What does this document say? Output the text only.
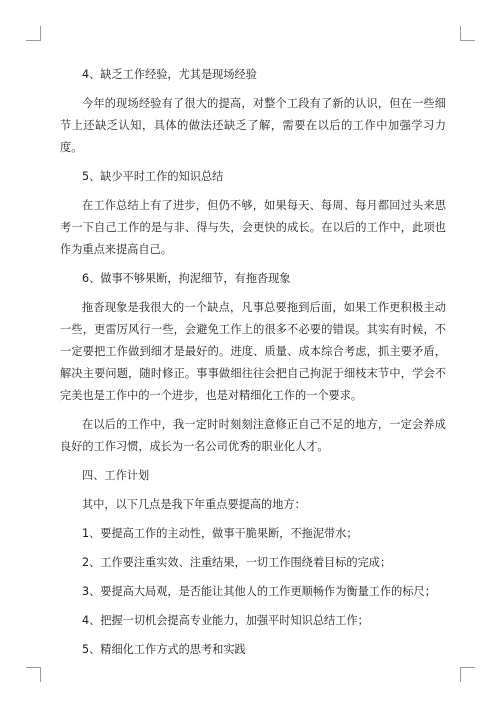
4、缺乏工作经验，尤其是现场经验

今年的现场经验有了很大的提高，对整个工段有了新的认识，但在一些细节上还缺乏认知，具体的做法还缺乏了解，需要在以后的工作中加强学习力度。

5、缺少平时工作的知识总结

在工作总结上有了进步，但仍不够，如果每天、每周、每月都回过头来思考一下自己工作的是与非、得与失，会更快的成长。在以后的工作中，此项也作为重点来提高自己。

6、做事不够果断，拘泥细节，有拖沓现象

拖沓现象是我很大的一个缺点，凡事总要拖到后面，如果工作更积极主动一些，更雷厉风行一些，会避免工作上的很多不必要的错误。其实有时候，不一定要把工作做到细才是最好的。进度、质量、成本综合考虑，抓主要矛盾，解决主要问题，随时修正。事事做细往往会把自己拘泥于细枝末节中，学会不完美也是工作中的一个进步，也是对精细化工作的一个要求。

在以后的工作中，我一定时时刻刻注意修正自己不足的地方，一定会养成良好的工作习惯，成长为一名公司优秀的职业化人才。

四、工作计划

其中，以下几点是我下年重点要提高的地方：

1、要提高工作的主动性，做事干脆果断，不拖泥带水；

2、工作要注重实效、注重结果，一切工作围绕着目标的完成；

3、要提高大局观，是否能让其他人的工作更顺畅作为衡量工作的标尺；

4、把握一切机会提高专业能力，加强平时知识总结工作；

5、精细化工作方式的思考和实践
